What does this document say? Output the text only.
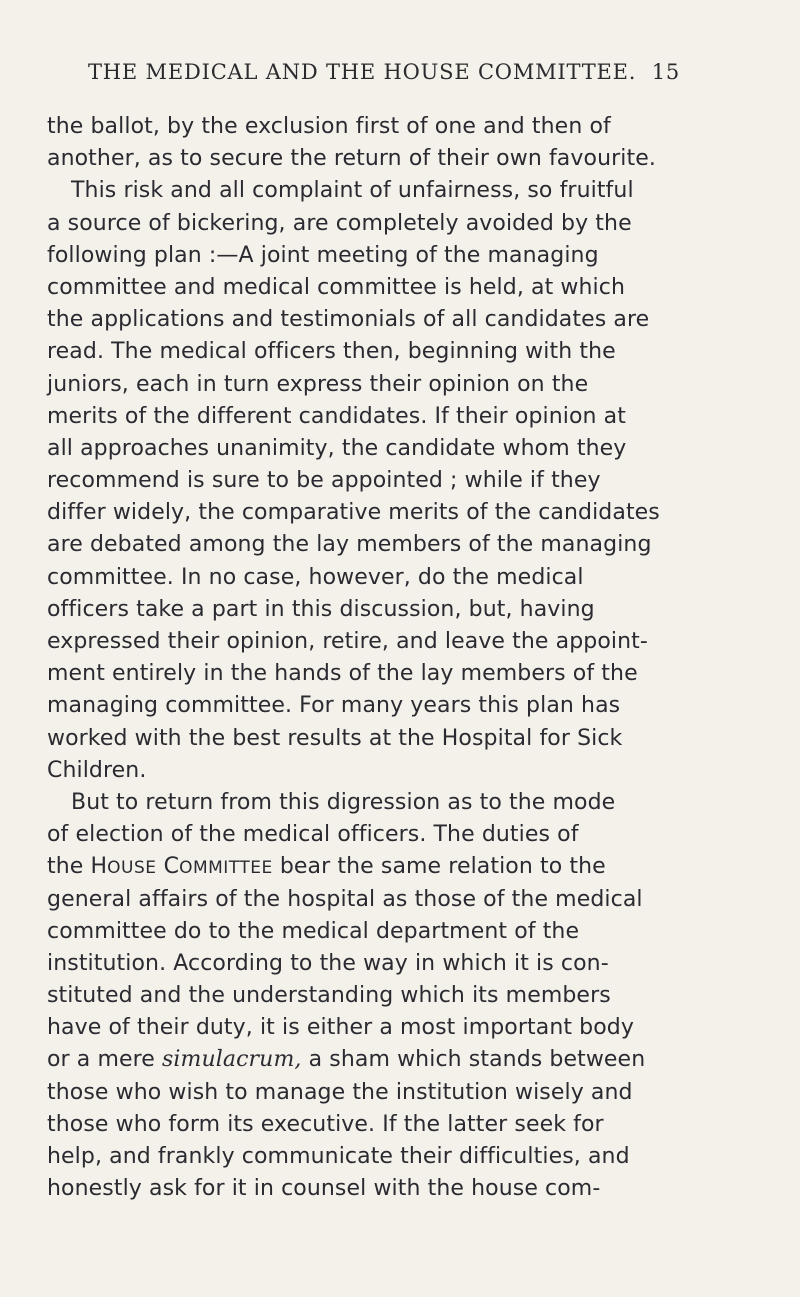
THE MEDICAL AND THE HOUSE COMMITTEE. 15
the ballot, by the exclusion first of one and then of
another, as to secure the return of their own favourite.
This risk and all complaint of unfairness, so fruitful
a source of bickering, are completely avoided by the
following plan :—A joint meeting of the managing
committee and medical committee is held, at which
the applications and testimonials of all candidates are
read. The medical officers then, beginning with the
juniors, each in turn express their opinion on the
merits of the different candidates. If their opinion at
all approaches unanimity, the candidate whom they
recommend is sure to be appointed ; while if they
differ widely, the comparative merits of the candidates
are debated among the lay members of the managing
committee. In no case, however, do the medical
officers take a part in this discussion, but, having
expressed their opinion, retire, and leave the appoint-
ment entirely in the hands of the lay members of the
managing committee. For many years this plan has
worked with the best results at the Hospital for Sick
Children.
But to return from this digression as to the mode
of election of the medical officers. The duties of
the HOUSE COMMITTEE bear the same relation to the
general affairs of the hospital as those of the medical
committee do to the medical department of the
institution. According to the way in which it is con-
stituted and the understanding which its members
have of their duty, it is either a most important body
or a mere simulacrum, a sham which stands between
those who wish to manage the institution wisely and
those who form its executive. If the latter seek for
help, and frankly communicate their difficulties, and
honestly ask for it in counsel with the house com-
